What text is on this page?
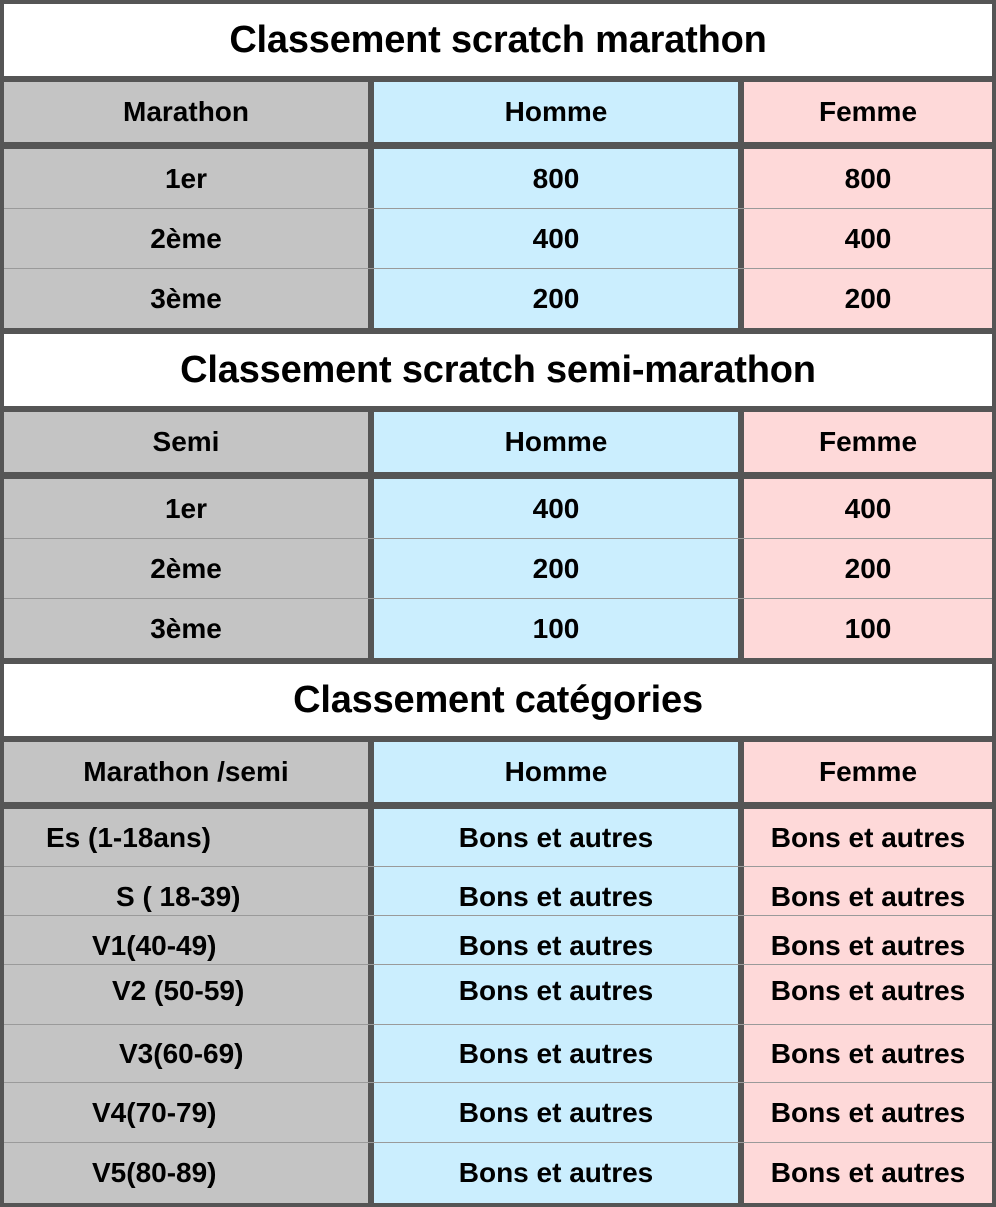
Classement scratch marathon
Marathon	Homme	Femme
1er	800	800
2ème	400	400
3ème	200	200
Classement scratch semi-marathon
Semi	Homme	Femme
1er	400	400
2ème	200	200
3ème	100	100
Classement catégories
Marathon /semi	Homme	Femme
Es (1-18ans)	Bons et autres	Bons et autres
S ( 18-39)	Bons et autres	Bons et autres
V1(40-49)	Bons et autres	Bons et autres
V2 (50-59)	Bons et autres	Bons et autres
V3(60-69)	Bons et autres	Bons et autres
V4(70-79)	Bons et autres	Bons et autres
V5(80-89)	Bons et autres	Bons et autres
